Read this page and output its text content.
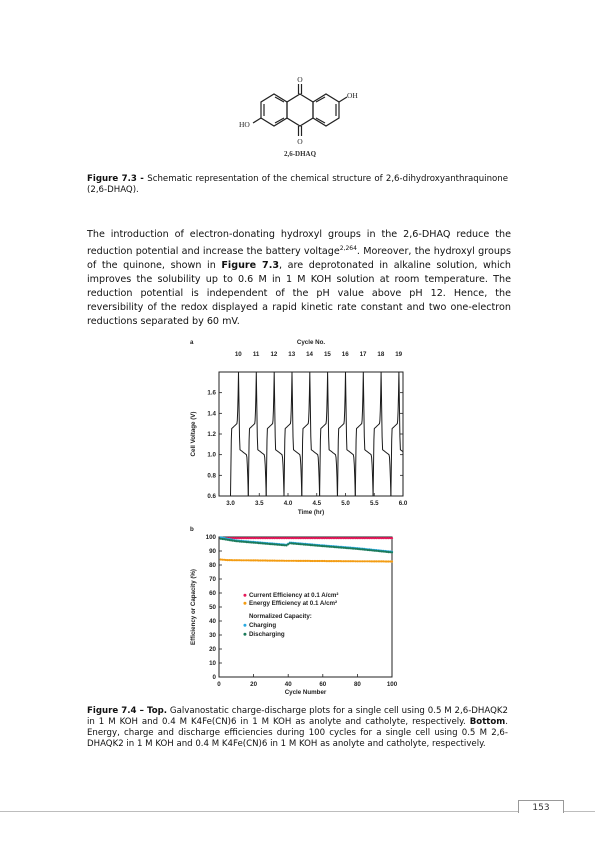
O
O
OH
HO
2,6-DHAQ
Figure 7.3 - Schematic representation of the chemical structure of 2,6-dihydroxyanthraquinone (2,6-DHAQ).
The introduction of electron-donating hydroxyl groups in the 2,6-DHAQ reduce the reduction potential and increase the battery voltage$^{2,264}$. Moreover, the hydroxyl groups of the quinone, shown in Figure 7.3, are deprotonated in alkaline solution, which improves the solubility up to 0.6 M in 1 M KOH solution at room temperature. The reduction potential is independent of the pH value above pH 12. Hence, the reversibility of the redox displayed a rapid kinetic rate constant and two one-electron reductions separated by 60 mV.
a	Cycle No.
10 11 12 13 14 15 16 17 18 19
3.0	3.5	4.0	4.5	5.0	5.5	6.0
Time (hr)
0.6
0.8
1.0
1.2
1.4
1.6
Cell Voltage (V)
b
0	20	40	60	80	100
Cycle Number
0
10
20
30
40
50
60
70
80
90
100
Efficiency or Capacity (%)	Current Efficiency at 0.1 A/cm²
Energy Efficiency at 0.1 A/cm²
Normalized Capacity:
Charging
Discharging
Figure 7.4 – Top. Galvanostatic charge-discharge plots for a single cell using 0.5 M 2,6-DHAQK2 in 1 M KOH and 0.4 M K4Fe(CN)6 in 1 M KOH as anolyte and catholyte, respectively. Bottom. Energy, charge and discharge efficiencies during 100 cycles for a single cell using 0.5 M 2,6-DHAQK2 in 1 M KOH and 0.4 M K4Fe(CN)6 in 1 M KOH as anolyte and catholyte, respectively.
153
